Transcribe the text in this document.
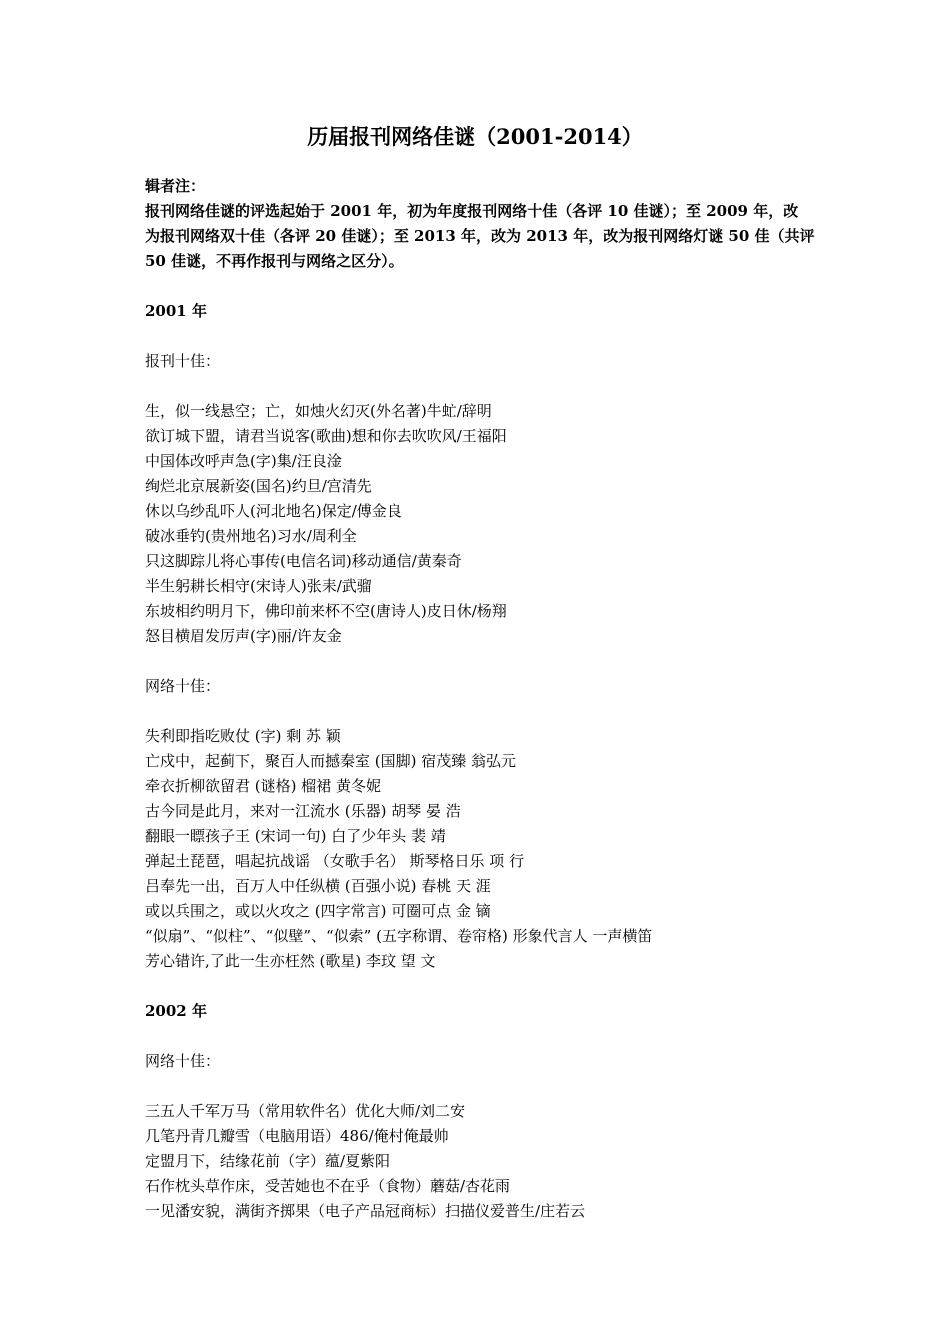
历届报刊网络佳谜（2001-2014）
辑者注：
报刊网络佳谜的评选起始于 2001 年，初为年度报刊网络十佳（各评 10 佳谜）；至 2009 年，改
为报刊网络双十佳（各评 20 佳谜）；至 2013 年，改为 2013 年，改为报刊网络灯谜 50 佳（共评
50 佳谜，不再作报刊与网络之区分）。
2001 年
报刊十佳：
生，似一线悬空；亡，如烛火幻灭(外名著)牛虻/辞明
欲订城下盟，请君当说客(歌曲)想和你去吹吹风/王福阳
中国体改呼声急(字)集/汪良淦
绚烂北京展新姿(国名)约旦/宫清先
休以乌纱乱吓人(河北地名)保定/傅金良
破冰垂钓(贵州地名)习水/周利全
只这脚踪儿将心事传(电信名词)移动通信/黄秦奇
半生躬耕长相守(宋诗人)张耒/武骝
东坡相约明月下，佛印前来杯不空(唐诗人)皮日休/杨翔
怒目横眉发厉声(字)丽/许友金
网络十佳：
失利即指吃败仗 (字) 剩 苏 颖
亡戍中，起蓟下，聚百人而撼秦室 (国脚) 宿茂臻 翁弘元
牵衣折柳欲留君 (谜格) 榴裙 黄冬妮
古今同是此月，来对一江流水 (乐器) 胡琴 晏 浩
翻眼一瞟孩子王 (宋词一句) 白了少年头 裴 靖
弹起土琵琶，唱起抗战谣 （女歌手名） 斯琴格日乐 项 行
吕奉先一出，百万人中任纵横 (百强小说) 春桃 天 涯
或以兵围之，或以火攻之 (四字常言) 可圈可点 金 镝
“似扇”、“似柱”、“似壁”、“似索” (五字称谓、卷帘格) 形象代言人 一声横笛
芳心错许,了此一生亦枉然 (歌星) 李玟 望 文
2002 年
网络十佳：
三五人千军万马（常用软件名）优化大师/刘二安
几笔丹青几瓣雪（电脑用语）486/俺村俺最帅
定盟月下，结缘花前（字）蕴/夏紫阳
石作枕头草作床，受苦她也不在乎（食物）蘑菇/杏花雨
一见潘安貌，满街齐掷果（电子产品冠商标）扫描仪爱普生/庄若云
